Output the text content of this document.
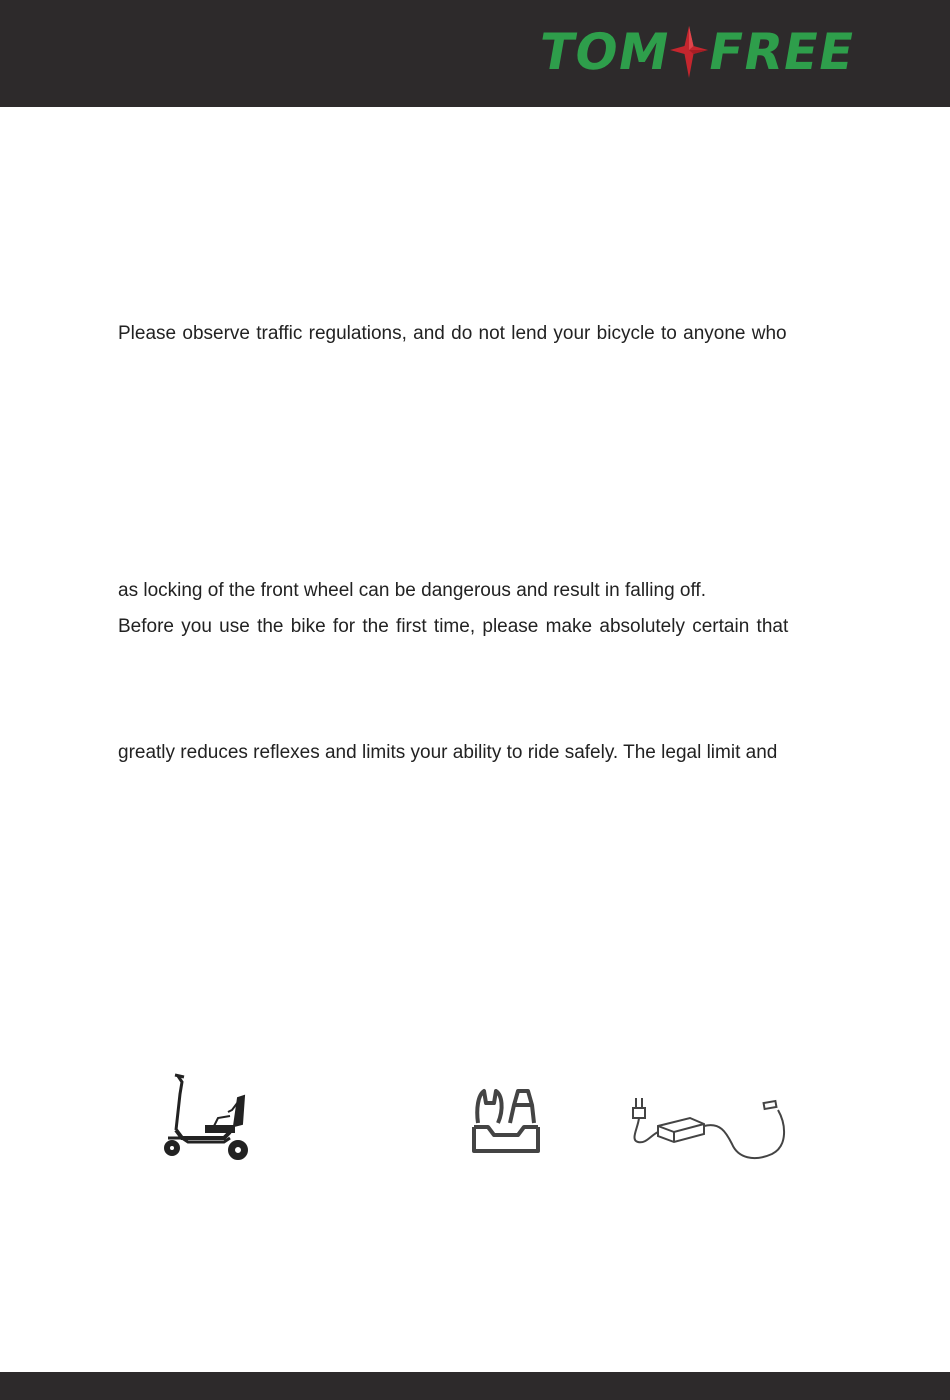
TOM FREE
Please observe traffic regulations, and do not lend your bicycle to anyone who
as locking of the front wheel can be dangerous and result in falling off.
Before you use the bike for the first time, please make absolutely certain that
greatly reduces reflexes and limits your ability to ride safely. The legal limit and
